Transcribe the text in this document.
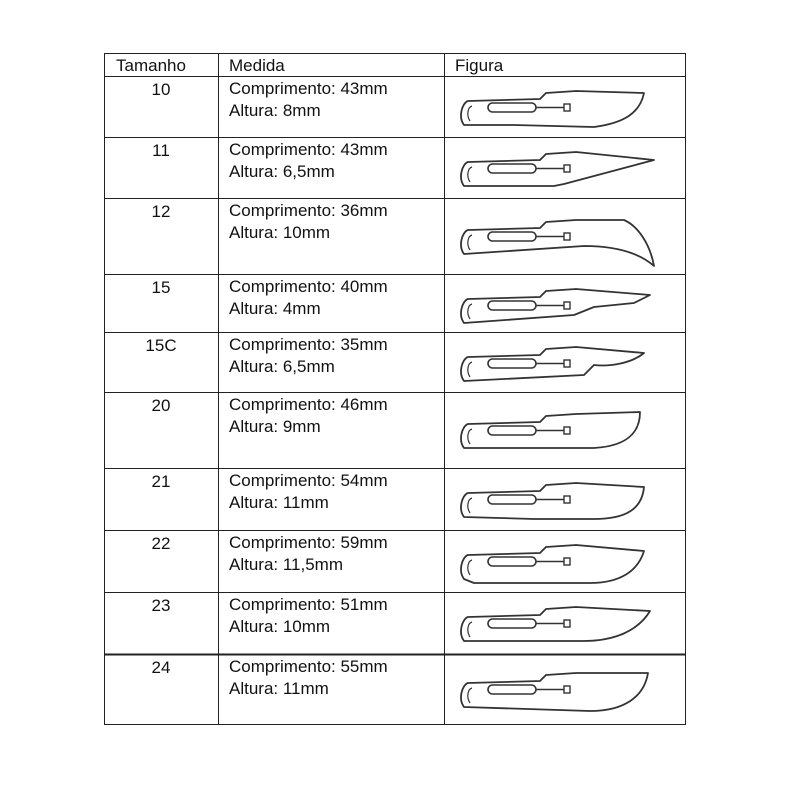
Tamanho	Medida	Figura
10	Comprimento: 43mm
Altura: 8mm
11	Comprimento: 43mm
Altura: 6,5mm
12	Comprimento: 36mm
Altura: 10mm
15	Comprimento: 40mm
Altura: 4mm
15C	Comprimento: 35mm
Altura: 6,5mm
20	Comprimento: 46mm
Altura: 9mm
21	Comprimento: 54mm
Altura: 11mm
22	Comprimento: 59mm
Altura: 11,5mm
23	Comprimento: 51mm
Altura: 10mm
24	Comprimento: 55mm
Altura: 11mm
